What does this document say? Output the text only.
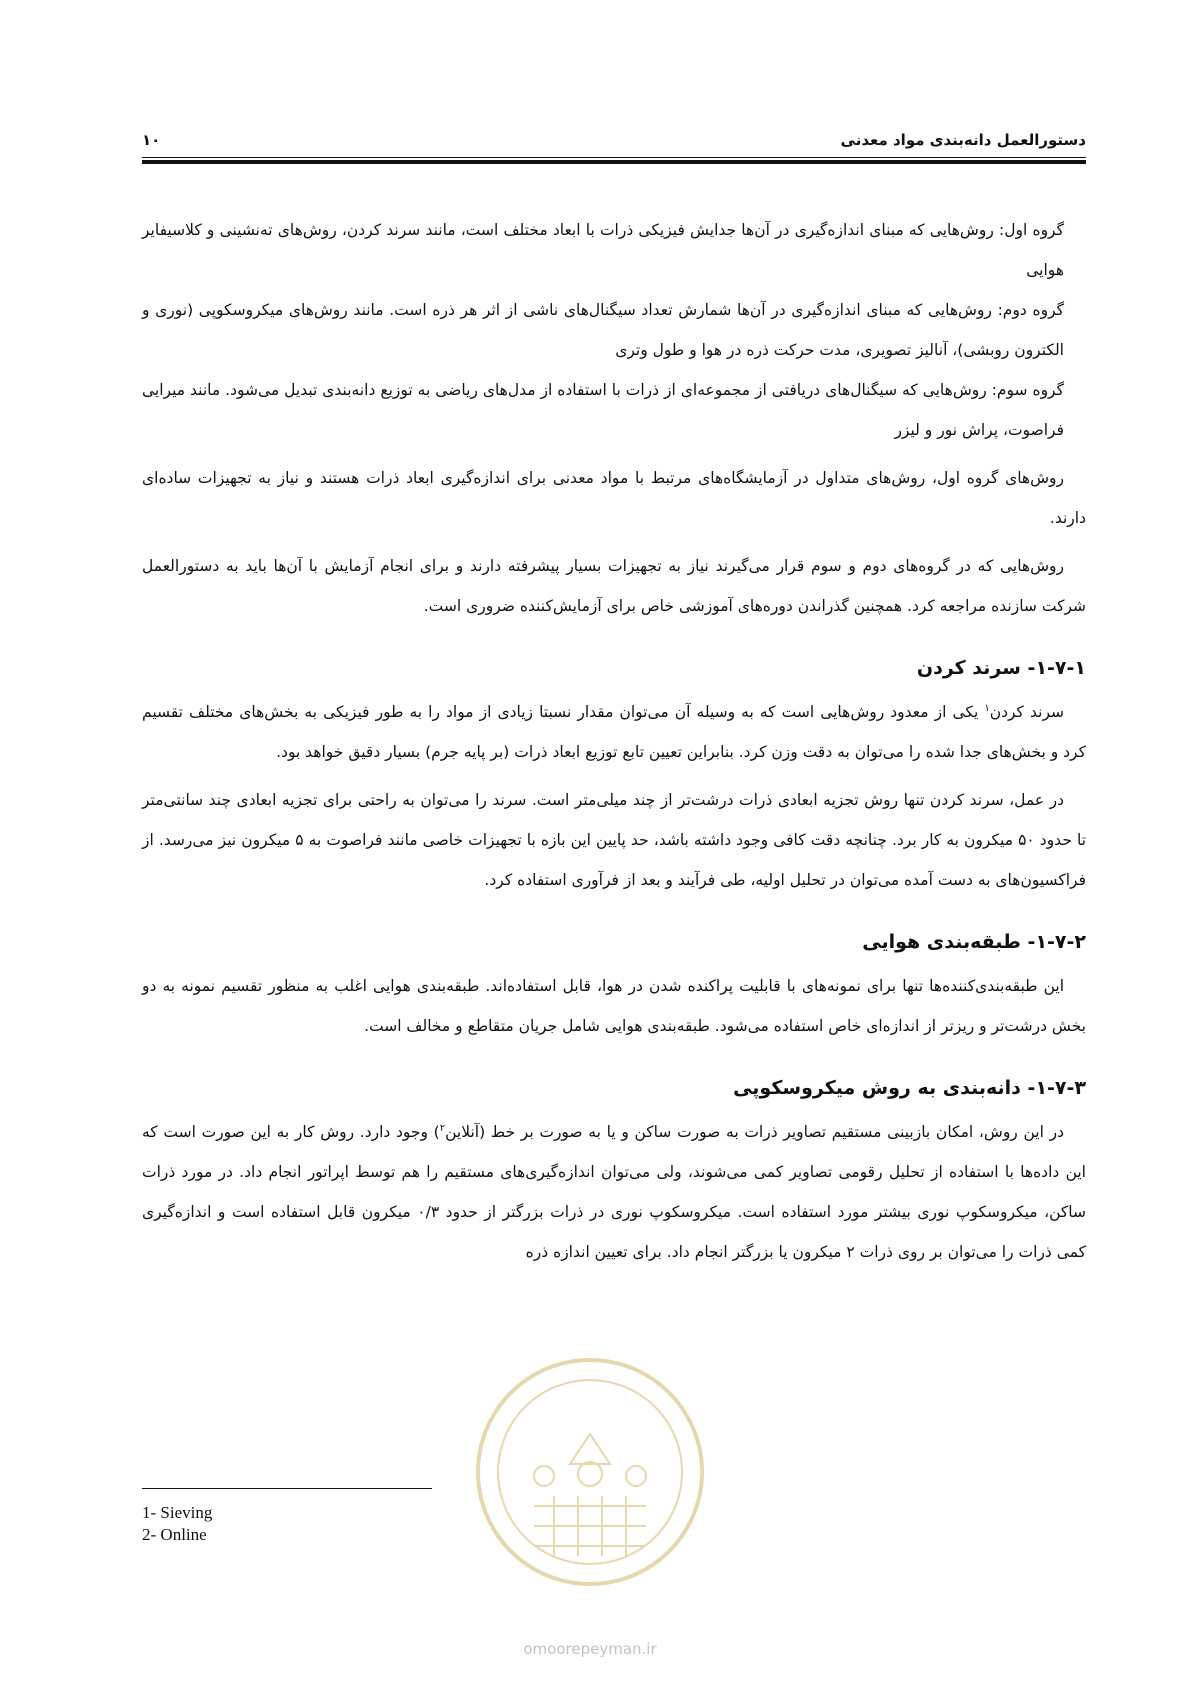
دستورالعمل دانه‌بندی مواد معدنی
۱۰

گروه اول: روش‌هایی که مبنای اندازه‌گیری در آن‌ها جدایش فیزیکی ذرات با ابعاد مختلف است، مانند سرند کردن، روش‌های ته‌نشینی و کلاسیفایر هوایی

گروه دوم: روش‌هایی که مبنای اندازه‌گیری در آن‌ها شمارش تعداد سیگنال‌های ناشی از اثر هر ذره است. مانند روش‌های میکروسکوپی (نوری و الکترون روبشی)، آنالیز تصویری، مدت حرکت ذره در هوا و طول وتری

گروه سوم: روش‌هایی که سیگنال‌های دریافتی از مجموعه‌ای از ذرات با استفاده از مدل‌های ریاضی به توزیع دانه‌بندی تبدیل می‌شود. مانند میرایی فراصوت، پراش نور و لیزر

روش‌های گروه اول، روش‌های متداول در آزمایشگاه‌های مرتبط با مواد معدنی برای اندازه‌گیری ابعاد ذرات هستند و نیاز به تجهیزات ساده‌ای دارند.

روش‌هایی که در گروه‌های دوم و سوم قرار می‌گیرند نیاز به تجهیزات بسیار پیشرفته دارند و برای انجام آزمایش با آن‌ها باید به دستورالعمل شرکت سازنده مراجعه کرد. همچنین گذراندن دوره‌های آموزشی خاص برای آزمایش‌کننده ضروری است.

۱-۷-۱- سرند کردن

سرند کردن$^۱$ یکی از معدود روش‌هایی است که به وسیله آن می‌توان مقدار نسبتا زیادی از مواد را به طور فیزیکی به بخش‌های مختلف تقسیم کرد و بخش‌های جدا شده را می‌توان به دقت وزن کرد. بنابراین تعیین تابع توزیع ابعاد ذرات (بر پایه جرم) بسیار دقیق خواهد بود.

در عمل، سرند کردن تنها روش تجزیه ابعادی ذرات درشت‌تر از چند میلی‌متر است. سرند را می‌توان به راحتی برای تجزیه ابعادی چند سانتی‌متر تا حدود ۵۰ میکرون به کار برد. چنانچه دقت کافی وجود داشته باشد، حد پایین این بازه با تجهیزات خاصی مانند فراصوت به ۵ میکرون نیز می‌رسد. از فراکسیون‌های به دست آمده می‌توان در تحلیل اولیه، طی فرآیند و بعد از فرآوری استفاده کرد.

۱-۷-۲- طبقه‌بندی هوایی

این طبقه‌بندی‌کننده‌ها تنها برای نمونه‌های با قابلیت پراکنده شدن در هوا، قابل استفاده‌اند. طبقه‌بندی هوایی اغلب به منظور تقسیم نمونه به دو بخش درشت‌تر و ریزتر از اندازه‌ای خاص استفاده می‌شود. طبقه‌بندی هوایی شامل جریان متقاطع و مخالف است.

۱-۷-۳- دانه‌بندی به روش میکروسکوپی

در این روش، امکان بازبینی مستقیم تصاویر ذرات به صورت ساکن و یا به صورت بر خط (آنلاین$^۲$) وجود دارد. روش کار به این صورت است که این داده‌ها با استفاده از تحلیل رقومی تصاویر کمی می‌شوند، ولی می‌توان اندازه‌گیری‌های مستقیم را هم توسط اپراتور انجام داد. در مورد ذرات ساکن، میکروسکوپ نوری بیشتر مورد استفاده است. میکروسکوپ نوری در ذرات بزرگتر از حدود ۰/۳ میکرون قابل استفاده است و اندازه‌گیری کمی ذرات را می‌توان بر روی ذرات ۲ میکرون یا بزرگتر انجام داد. برای تعیین اندازه ذره

1- Sieving
2- Online
omoorepeyman.ir
